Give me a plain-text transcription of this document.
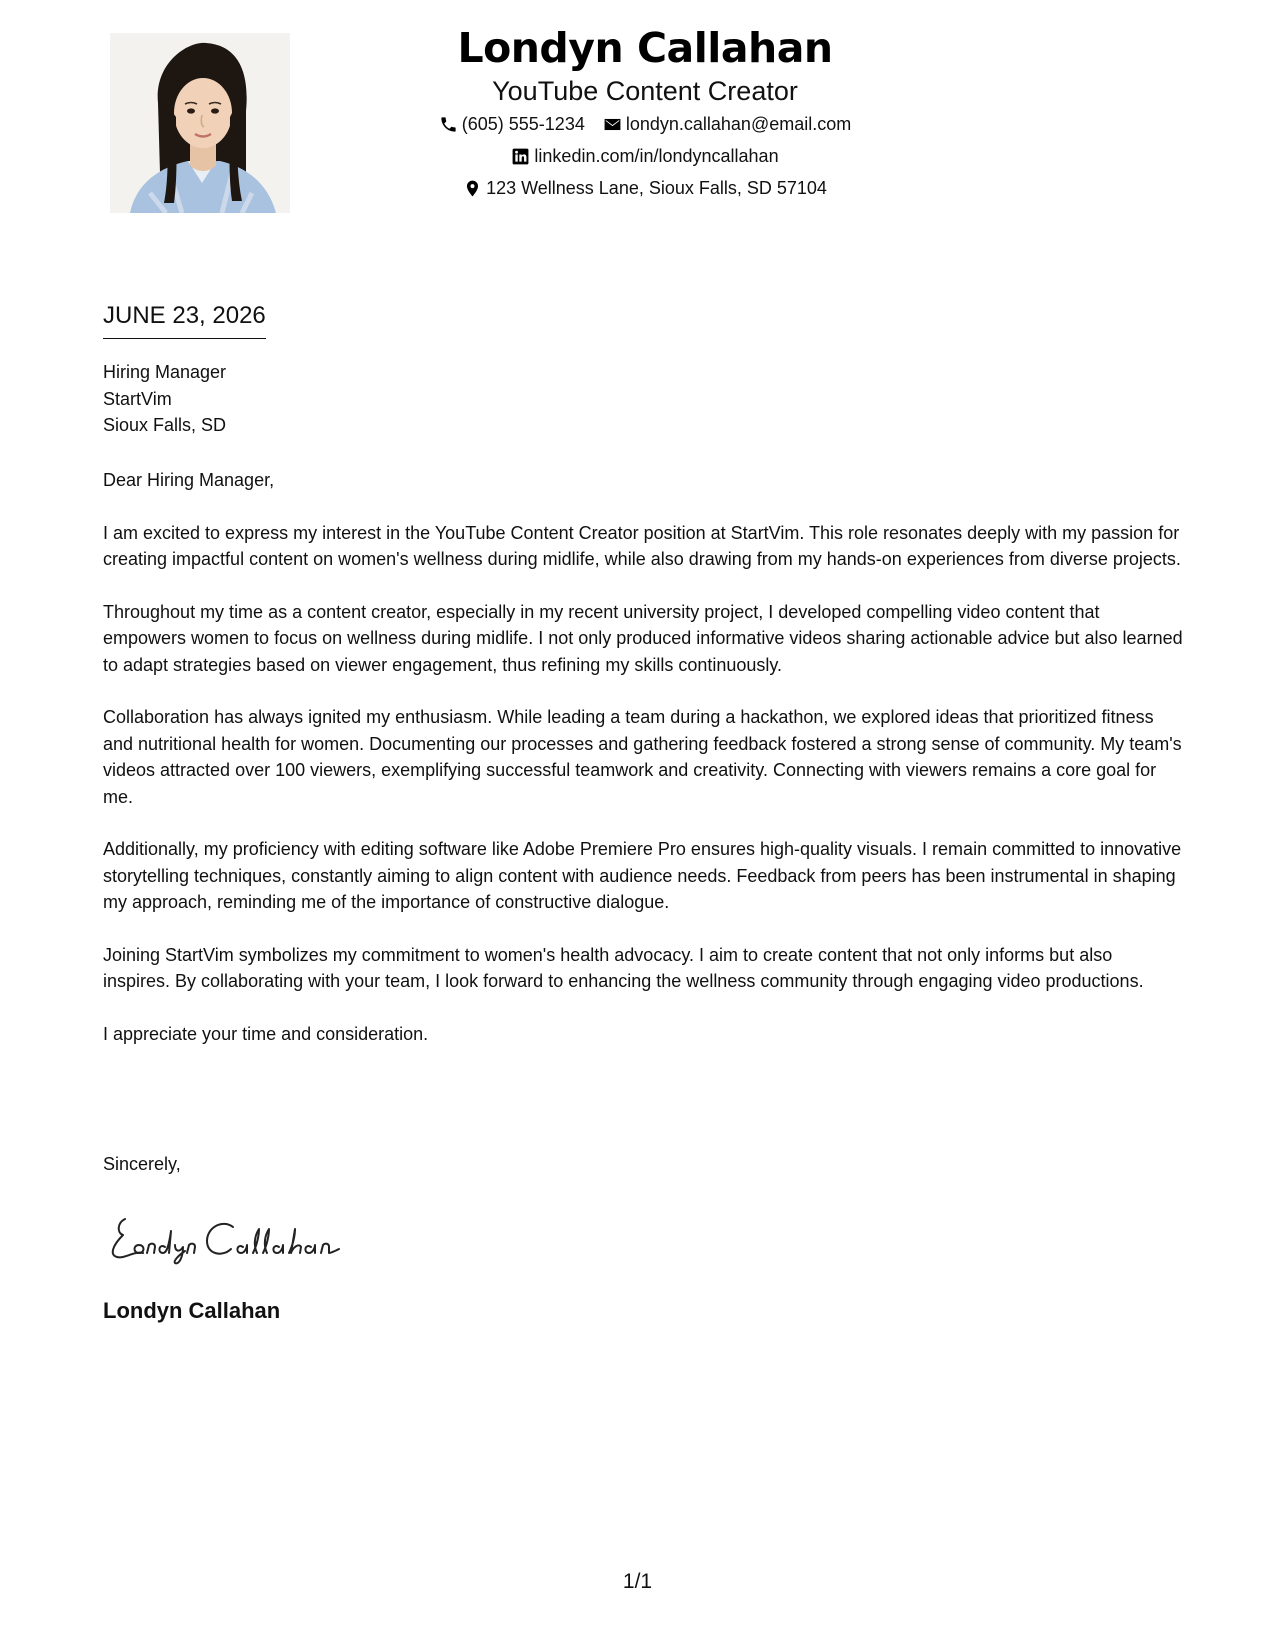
Londyn Callahan
YouTube Content Creator
(605) 555-1234 londyn.callahan@email.com
linkedin.com/in/londyncallahan
123 Wellness Lane, Sioux Falls, SD 57104
JUNE 23, 2026
Hiring Manager
StartVim
Sioux Falls, SD

Dear Hiring Manager,

I am excited to express my interest in the YouTube Content Creator position at StartVim. This role resonates deeply with my passion for creating impactful content on women's wellness during midlife, while also drawing from my hands-on experiences from diverse projects.

Throughout my time as a content creator, especially in my recent university project, I developed compelling video content that empowers women to focus on wellness during midlife. I not only produced informative videos sharing actionable advice but also learned to adapt strategies based on viewer engagement, thus refining my skills continuously.

Collaboration has always ignited my enthusiasm. While leading a team during a hackathon, we explored ideas that prioritized fitness and nutritional health for women. Documenting our processes and gathering feedback fostered a strong sense of community. My team's videos attracted over 100 viewers, exemplifying successful teamwork and creativity. Connecting with viewers remains a core goal for me.

Additionally, my proficiency with editing software like Adobe Premiere Pro ensures high-quality visuals. I remain committed to innovative storytelling techniques, constantly aiming to align content with audience needs. Feedback from peers has been instrumental in shaping my approach, reminding me of the importance of constructive dialogue.

Joining StartVim symbolizes my commitment to women's health advocacy. I aim to create content that not only informs but also inspires. By collaborating with your team, I look forward to enhancing the wellness community through engaging video productions.

I appreciate your time and consideration.

Sincerely,
Londyn Callahan
1/1
